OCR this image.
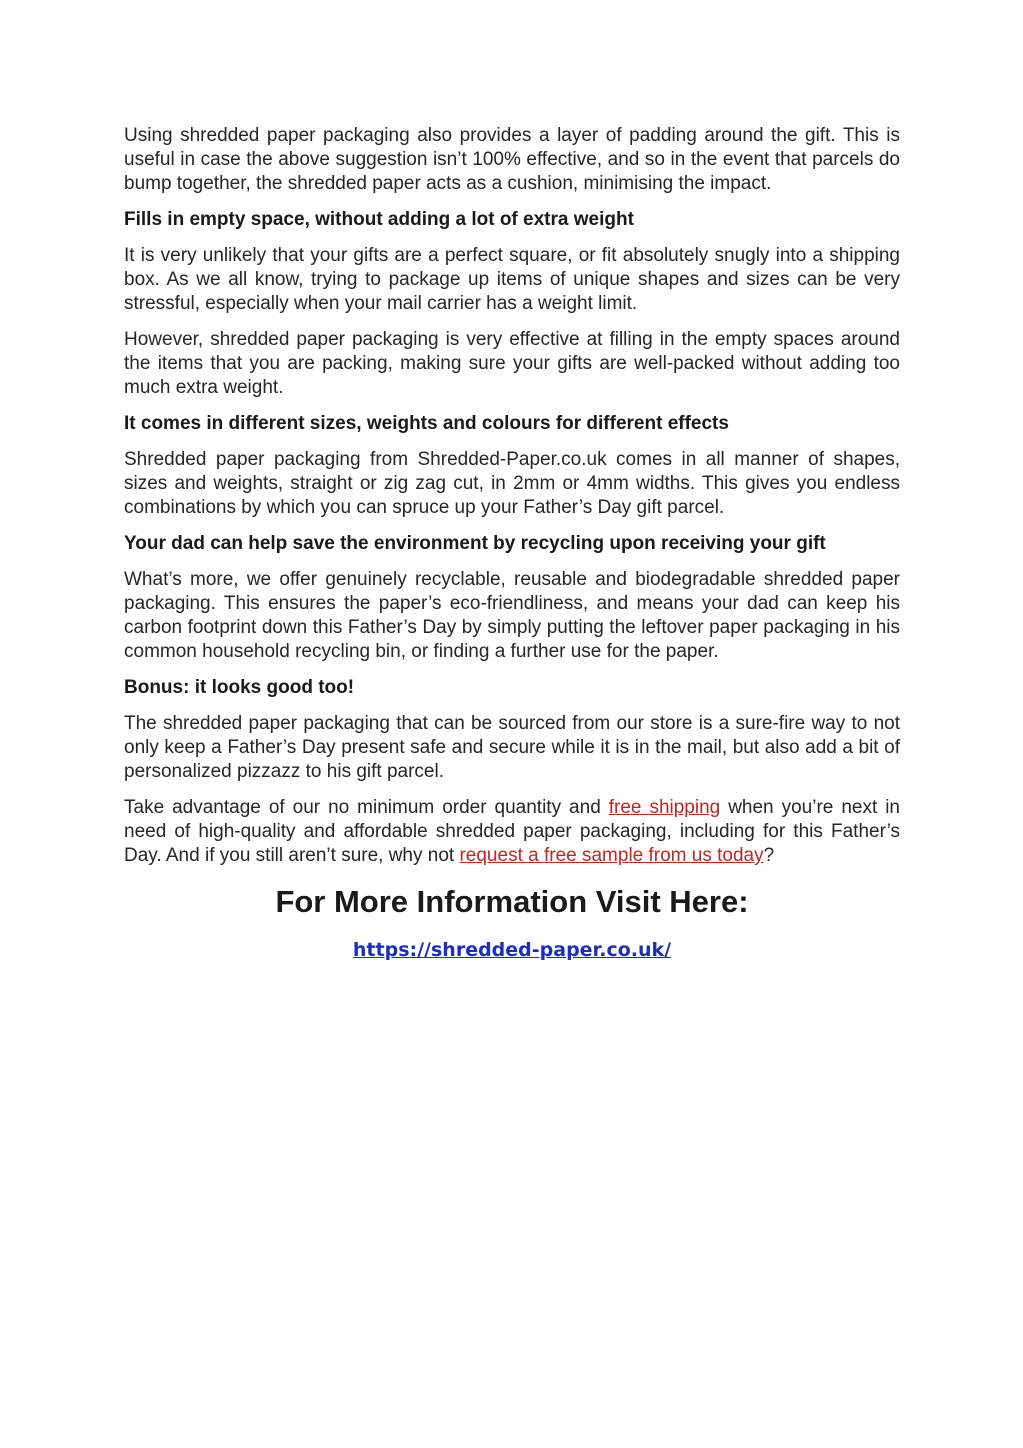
Using shredded paper packaging also provides a layer of padding around the gift. This is useful in case the above suggestion isn’t 100% effective, and so in the event that parcels do bump together, the shredded paper acts as a cushion, minimising the impact.

Fills in empty space, without adding a lot of extra weight

It is very unlikely that your gifts are a perfect square, or fit absolutely snugly into a shipping box. As we all know, trying to package up items of unique shapes and sizes can be very stressful, especially when your mail carrier has a weight limit.

However, shredded paper packaging is very effective at filling in the empty spaces around the items that you are packing, making sure your gifts are well-packed without adding too much extra weight.

It comes in different sizes, weights and colours for different effects

Shredded paper packaging from Shredded-Paper.co.uk comes in all manner of shapes, sizes and weights, straight or zig zag cut, in 2mm or 4mm widths. This gives you endless combinations by which you can spruce up your Father’s Day gift parcel.

Your dad can help save the environment by recycling upon receiving your gift

What’s more, we offer genuinely recyclable, reusable and biodegradable shredded paper packaging. This ensures the paper’s eco-friendliness, and means your dad can keep his carbon footprint down this Father’s Day by simply putting the leftover paper packaging in his common household recycling bin, or finding a further use for the paper.

Bonus: it looks good too!

The shredded paper packaging that can be sourced from our store is a sure-fire way to not only keep a Father’s Day present safe and secure while it is in the mail, but also add a bit of personalized pizzazz to his gift parcel.

Take advantage of our no minimum order quantity and free shipping when you’re next in need of high-quality and affordable shredded paper packaging, including for this Father’s Day. And if you still aren’t sure, why not request a free sample from us today?

For More Information Visit Here:
https://shredded-paper.co.uk/
